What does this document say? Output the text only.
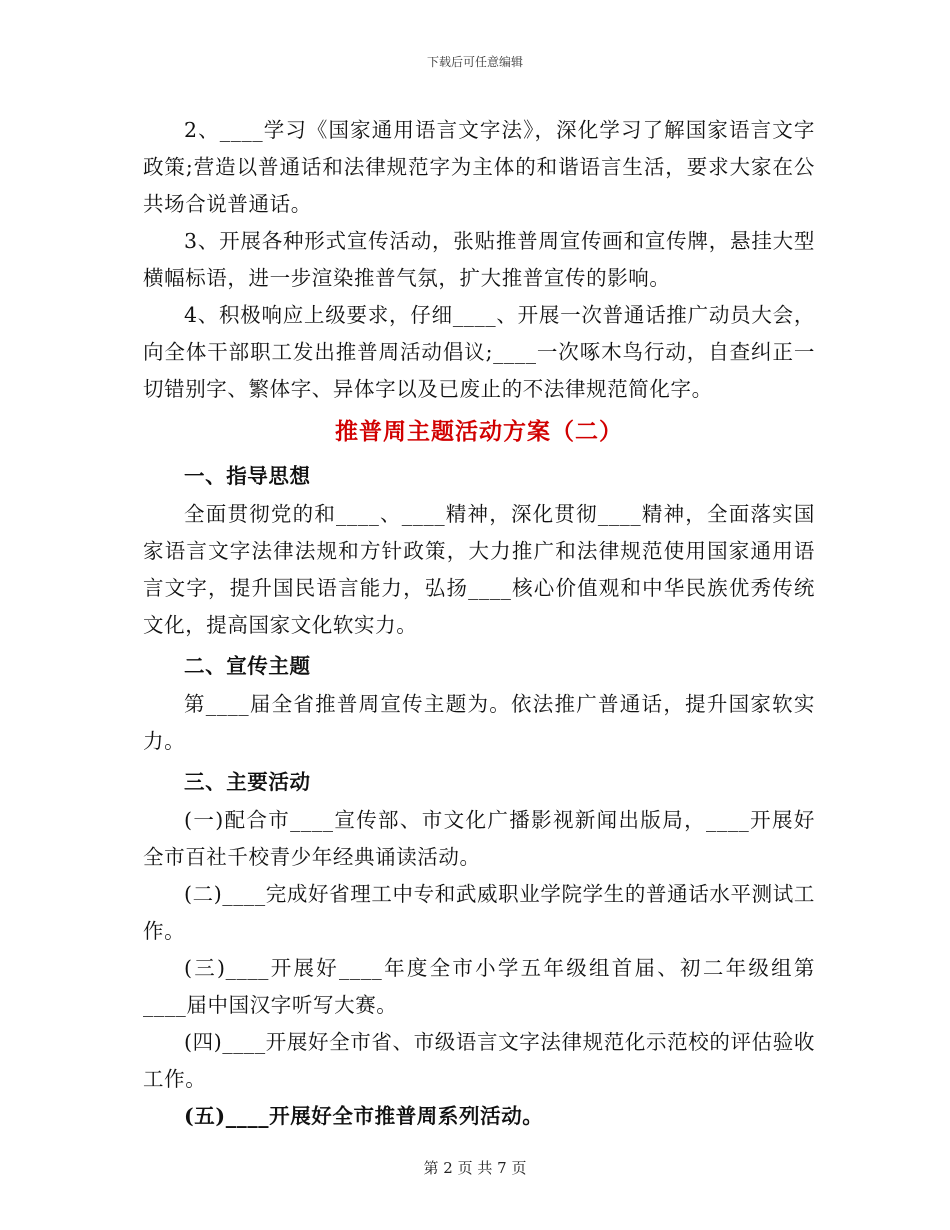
下载后可任意编辑

2、____学习《国家通用语言文字法》，深化学习了解国家语言文字政策;营造以普通话和法律规范字为主体的和谐语言生活，要求大家在公共场合说普通话。

3、开展各种形式宣传活动，张贴推普周宣传画和宣传牌，悬挂大型横幅标语，进一步渲染推普气氛，扩大推普宣传的影响。

4、积极响应上级要求，仔细____、开展一次普通话推广动员大会，向全体干部职工发出推普周活动倡议;____一次啄木鸟行动，自查纠正一切错别字、繁体字、异体字以及已废止的不法律规范简化字。

推普周主题活动方案（二）
一、指导思想

全面贯彻党的和____、____精神，深化贯彻____精神，全面落实国家语言文字法律法规和方针政策，大力推广和法律规范使用国家通用语言文字，提升国民语言能力，弘扬____核心价值观和中华民族优秀传统文化，提高国家文化软实力。

二、宣传主题

第____届全省推普周宣传主题为。依法推广普通话，提升国家软实力。

三、主要活动

(一)配合市____宣传部、市文化广播影视新闻出版局，____开展好全市百社千校青少年经典诵读活动。

(二)____完成好省理工中专和武威职业学院学生的普通话水平测试工作。

(三)____开展好____年度全市小学五年级组首届、初二年级组第____届中国汉字听写大赛。

(四)____开展好全市省、市级语言文字法律规范化示范校的评估验收工作。

(五)____开展好全市推普周系列活动。

第 2 页 共 7 页
